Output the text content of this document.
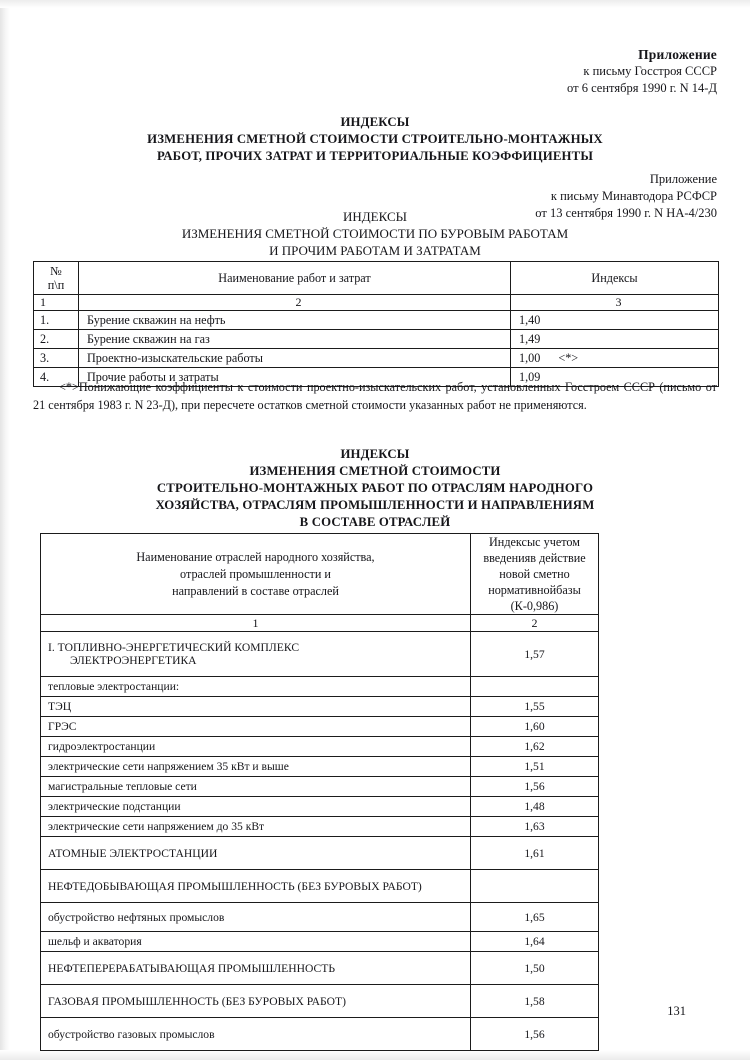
Приложение
к письму Госстроя СССР
от 6 сентября 1990 г. N 14-Д
ИНДЕКСЫ
ИЗМЕНЕНИЯ СМЕТНОЙ СТОИМОСТИ СТРОИТЕЛЬНО-МОНТАЖНЫХ
РАБОТ, ПРОЧИХ ЗАТРАТ И ТЕРРИТОРИАЛЬНЫЕ КОЭФФИЦИЕНТЫ
Приложение
к письму Минавтодора РСФСР
от 13 сентября 1990 г. N НА-4/230
ИНДЕКСЫ
ИЗМЕНЕНИЯ СМЕТНОЙ СТОИМОСТИ ПО БУРОВЫМ РАБОТАМ
И ПРОЧИМ РАБОТАМ И ЗАТРАТАМ
№
п\п	Наименование работ и затрат	Индексы
1	2	3
1.	Бурение скважин на нефть	1,40
2.	Бурение скважин на газ	1,49
3.	Проектно-изыскательские работы	1,00 <*>
4.	Прочие работы и затраты	1,09
<*>Понижающие коэффициенты к стоимости проектно-изыскательских работ, установленных Госстроем СССР (письмо от 21 сентября 1983 г. N 23-Д), при пересчете остатков сметной стоимости указанных работ не применяются.
ИНДЕКСЫ
ИЗМЕНЕНИЯ СМЕТНОЙ СТОИМОСТИ
СТРОИТЕЛЬНО-МОНТАЖНЫХ РАБОТ ПО ОТРАСЛЯМ НАРОДНОГО
ХОЗЯЙСТВА, ОТРАСЛЯМ ПРОМЫШЛЕННОСТИ И НАПРАВЛЕНИЯМ
В СОСТАВЕ ОТРАСЛЕЙ
Наименование отраслей народного хозяйства,
отраслей промышленности и
направлений в составе отраслей	Индексыс учетом
введенияв действие
новой сметно
нормативнойбазы
(К-0,986)

1	2

I. ТОПЛИВНО-ЭНЕРГЕТИЧЕСКИЙ КОМПЛЕКС
ЭЛЕКТРОЭНЕРГЕТИКА	1,57

тепловые электростанции:	

ТЭЦ	1,55

ГРЭС	1,60

гидроэлектростанции	1,62

электрические сети напряжением 35 кВт и выше	1,51

магистральные тепловые сети	1,56

электрические подстанции	1,48

электрические сети напряжением до 35 кВт	1,63

АТОМНЫЕ ЭЛЕКТРОСТАНЦИИ	1,61

НЕФТЕДОБЫВАЮЩАЯ ПРОМЫШЛЕННОСТЬ (БЕЗ БУРОВЫХ РАБОТ)	

обустройство нефтяных промыслов	1,65

шельф и акватория	1,64

НЕФТЕПЕРЕРАБАТЫВАЮЩАЯ ПРОМЫШЛЕННОСТЬ	1,50

ГАЗОВАЯ ПРОМЫШЛЕННОСТЬ (БЕЗ БУРОВЫХ РАБОТ)	1,58

обустройство газовых промыслов	1,56
131
